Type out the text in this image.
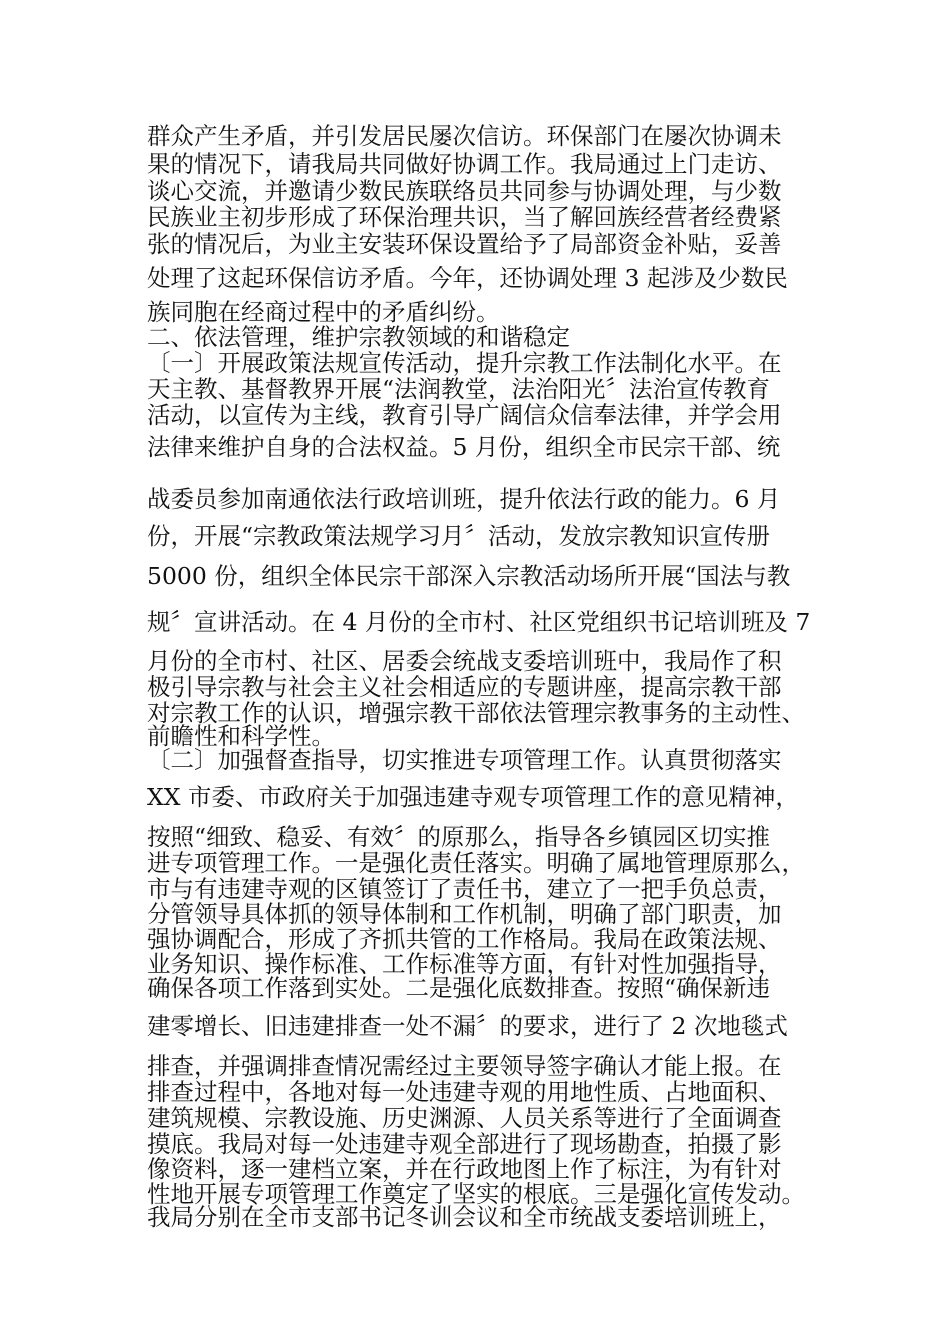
群众产生矛盾，并引发居民屡次信访。环保部门在屡次协调未
果的情况下，请我局共同做好协调工作。我局通过上门走访、
谈心交流，并邀请少数民族联络员共同参与协调处理，与少数
民族业主初步形成了环保治理共识，当了解回族经营者经费紧
张的情况后，为业主安装环保设置给予了局部资金补贴，妥善
处理了这起环保信访矛盾。今年，还协调处理 3 起涉及少数民
族同胞在经商过程中的矛盾纠纷。
二、依法管理，维护宗教领域的和谐稳定
〔一〕开展政策法规宣传活动，提升宗教工作法制化水平。在
天主教、基督教界开展“法润教堂，法治阳光〞法治宣传教育
活动，以宣传为主线，教育引导广阔信众信奉法律，并学会用
法律来维护自身的合法权益。5 月份，组织全市民宗干部、统
战委员参加南通依法行政培训班，提升依法行政的能力。6 月
份，开展“宗教政策法规学习月〞活动，发放宗教知识宣传册
5000 份，组织全体民宗干部深入宗教活动场所开展“国法与教
规〞宣讲活动。在 4 月份的全市村、社区党组织书记培训班及 7
月份的全市村、社区、居委会统战支委培训班中，我局作了积
极引导宗教与社会主义社会相适应的专题讲座，提高宗教干部
对宗教工作的认识，增强宗教干部依法管理宗教事务的主动性、
前瞻性和科学性。
〔二〕加强督查指导，切实推进专项管理工作。认真贯彻落实
XX 市委、市政府关于加强违建寺观专项管理工作的意见精神，
按照“细致、稳妥、有效〞的原那么，指导各乡镇园区切实推
进专项管理工作。一是强化责任落实。明确了属地管理原那么，
市与有违建寺观的区镇签订了责任书，建立了一把手负总责，
分管领导具体抓的领导体制和工作机制，明确了部门职责，加
强协调配合，形成了齐抓共管的工作格局。我局在政策法规、
业务知识、操作标准、工作标准等方面，有针对性加强指导，
确保各项工作落到实处。二是强化底数排查。按照“确保新违
建零增长、旧违建排查一处不漏〞的要求，进行了 2 次地毯式
排查，并强调排查情况需经过主要领导签字确认才能上报。在
排查过程中，各地对每一处违建寺观的用地性质、占地面积、
建筑规模、宗教设施、历史渊源、人员关系等进行了全面调查
摸底。我局对每一处违建寺观全部进行了现场勘查，拍摄了影
像资料，逐一建档立案，并在行政地图上作了标注，为有针对
性地开展专项管理工作奠定了坚实的根底。三是强化宣传发动。
我局分别在全市支部书记冬训会议和全市统战支委培训班上，
